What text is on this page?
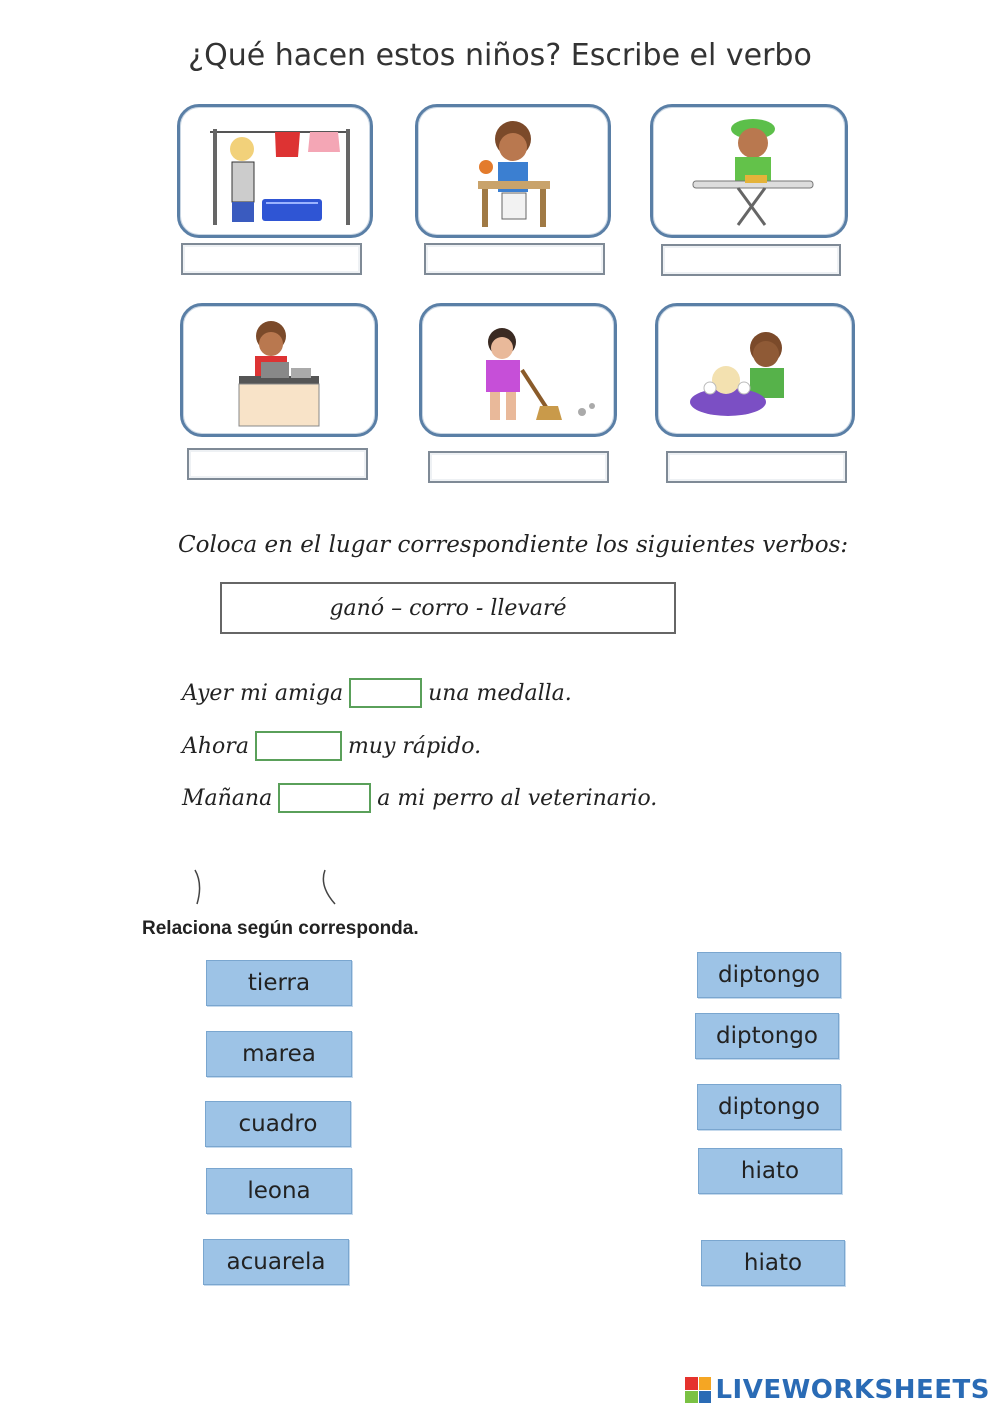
¿Qué hacen estos niños? Escribe el verbo
Coloca en el lugar correspondiente los siguientes verbos:
ganó – corro - llevaré
Ayer mi amiga	una medalla.
Ahora	muy rápido.
Mañana	a mi perro al veterinario.
Relaciona según corresponda.
tierra
marea
cuadro
leona
acuarela
diptongo
diptongo
diptongo
hiato
hiato
LIVEWORKSHEETS
